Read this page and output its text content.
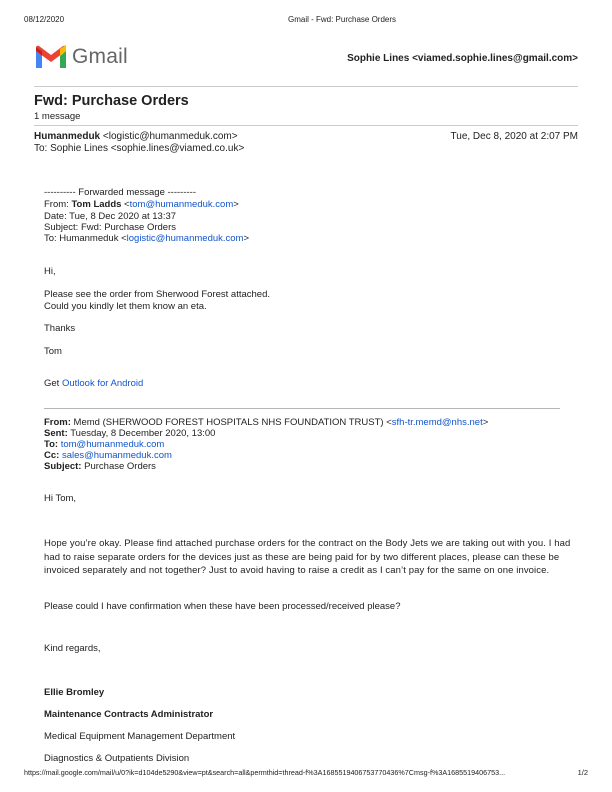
08/12/2020	Gmail - Fwd: Purchase Orders
Gmail	Sophie Lines <viamed.sophie.lines@gmail.com>
Fwd: Purchase Orders
1 message
Humanmeduk <logistic@humanmeduk.com>	Tue, Dec 8, 2020 at 2:07 PM
To: Sophie Lines <sophie.lines@viamed.co.uk>
---------- Forwarded message ---------
From: Tom Ladds <tom@humanmeduk.com>
Date: Tue, 8 Dec 2020 at 13:37
Subject: Fwd: Purchase Orders
To: Humanmeduk <logistic@humanmeduk.com>
Hi,
Please see the order from Sherwood Forest attached.
Could you kindly let them know an eta.
Thanks
Tom
Get Outlook for Android
From: Memd (SHERWOOD FOREST HOSPITALS NHS FOUNDATION TRUST) <sfh-tr.memd@nhs.net>
Sent: Tuesday, 8 December 2020, 13:00
To: tom@humanmeduk.com
Cc: sales@humanmeduk.com
Subject: Purchase Orders
Hi Tom,
Hope you’re okay. Please find attached purchase orders for the contract on the Body Jets we are taking out with you. I had had to raise separate orders for the devices just as these are being paid for by two different places, please can these be invoiced separately and not together? Just to avoid having to raise a credit as I can’t pay for the same on one invoice.
Please could I have confirmation when these have been processed/received please?
Kind regards,
Ellie Bromley
Maintenance Contracts Administrator
Medical Equipment Management Department
Diagnostics & Outpatients Division
https://mail.google.com/mail/u/0?ik=d104de5290&view=pt&search=all&permthid=thread-f%3A1685519406753770436%7Cmsg-f%3A1685519406753...	1/2
